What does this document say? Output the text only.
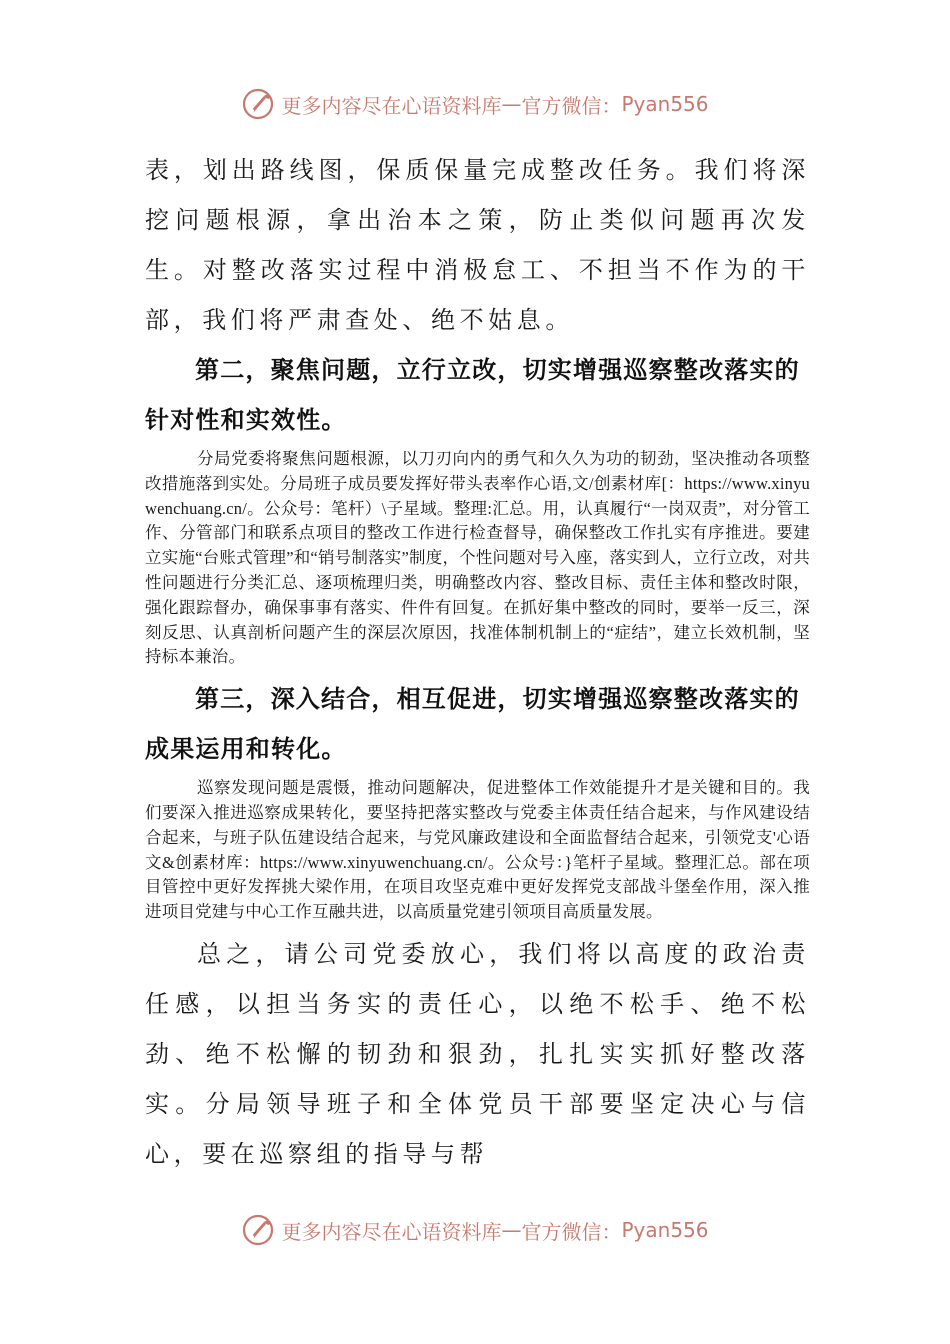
更多内容尽在心语资料库 — 官方微信： Pyan556

表，划出路线图，保质保量完成整改任务。我们将深挖问题根源，拿出治本之策，防止类似问题再次发生。对整改落实过程中消极怠工、不担当不作为的干部，我们将严肃查处、绝不姑息。

第二，聚焦问题，立行立改，切实增强巡察整改落实的针对性和实效性。

分局党委将聚焦问题根源，以刀刃向内的勇气和久久为功的韧劲，坚决推动各项整改措施落到实处。分局班子成员要发挥好带头表率作心语,文/创素材库[：https://www.xinyuwenchuang.cn/。公众号：笔杆）\子星域。整理:汇总。用，认真履行“一岗双责”，对分管工作、分管部门和联系点项目的整改工作进行检查督导，确保整改工作扎实有序推进。要建立实施“台账式管理”和“销号制落实”制度，个性问题对号入座，落实到人，立行立改，对共性问题进行分类汇总、逐项梳理归类，明确整改内容、整改目标、责任主体和整改时限，强化跟踪督办，确保事事有落实、件件有回复。在抓好集中整改的同时，要举一反三，深刻反思、认真剖析问题产生的深层次原因，找准体制机制上的“症结”，建立长效机制，坚持标本兼治。

第三，深入结合，相互促进，切实增强巡察整改落实的成果运用和转化。

巡察发现问题是震慑，推动问题解决，促进整体工作效能提升才是关键和目的。我们要深入推进巡察成果转化，要坚持把落实整改与党委主体责任结合起来，与作风建设结合起来，与班子队伍建设结合起来，与党风廉政建设和全面监督结合起来，引领党支'心语文&创素材库：https://www.xinyuwenchuang.cn/。公众号：}笔杆子星域。整理汇总。部在项目管控中更好发挥挑大梁作用，在项目攻坚克难中更好发挥党支部战斗堡垒作用，深入推进项目党建与中心工作互融共进，以高质量党建引领项目高质量发展。

总之，请公司党委放心，我们将以高度的政治责任感，以担当务实的责任心，以绝不松手、绝不松劲、绝不松懈的韧劲和狠劲，扎扎实实抓好整改落实。分局领导班子和全体党员干部要坚定决心与信心，要在巡察组的指导与帮

更多内容尽在心语资料库 — 官方微信： Pyan556
